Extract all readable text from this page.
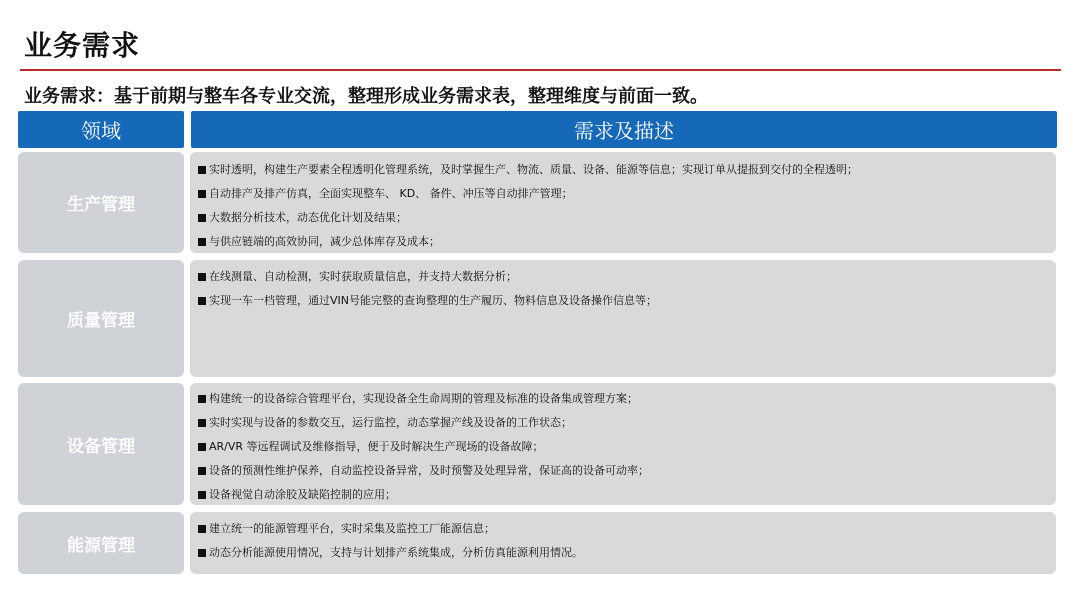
业务需求
业务需求：基于前期与整车各专业交流，整理形成业务需求表，整理维度与前面一致。
领域	需求及描述
生产管理
实时透明，构建生产要素全程透明化管理系统，及时掌握生产、物流、质量、设备、能源等信息；实现订单从提报到交付的全程透明；
自动排产及排产仿真，全面实现整车、 KD、 备件、冲压等自动排产管理；
大数据分析技术，动态优化计划及结果；
与供应链端的高效协同，减少总体库存及成本；
质量管理
在线测量、自动检测，实时获取质量信息，并支持大数据分析；
实现一车一档管理，通过VIN号能完整的查询整理的生产履历、物料信息及设备操作信息等；
设备管理
构建统一的设备综合管理平台，实现设备全生命周期的管理及标准的设备集成管理方案；
实时实现与设备的参数交互，运行监控，动态掌握产线及设备的工作状态；
AR/VR 等远程调试及维修指导，便于及时解决生产现场的设备故障；
设备的预测性维护保养，自动监控设备异常，及时预警及处理异常，保证高的设备可动率；
设备视觉自动涂胶及缺陷控制的应用；
能源管理
建立统一的能源管理平台，实时采集及监控工厂能源信息；
动态分析能源使用情况，支持与计划排产系统集成，分析仿真能源利用情况。
